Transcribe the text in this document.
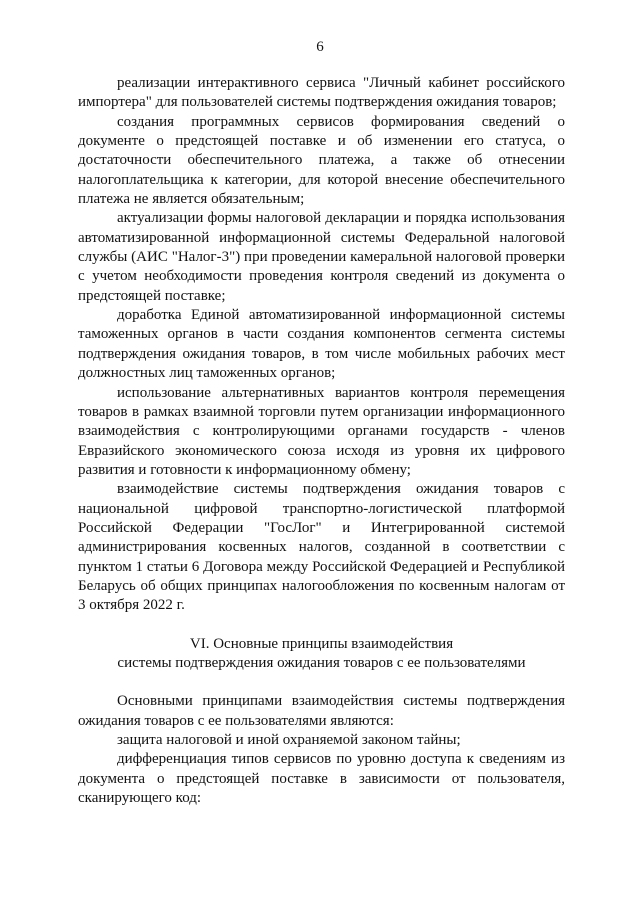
6

реализации интерактивного сервиса "Личный кабинет российского импортера" для пользователей системы подтверждения ожидания товаров;

создания программных сервисов формирования сведений о документе о предстоящей поставке и об изменении его статуса, о достаточности обеспечительного платежа, а также об отнесении налогоплательщика к категории, для которой внесение обеспечительного платежа не является обязательным;

актуализации формы налоговой декларации и порядка использования автоматизированной информационной системы Федеральной налоговой службы (АИС "Налог-3") при проведении камеральной налоговой проверки с учетом необходимости проведения контроля сведений из документа о предстоящей поставке;

доработка Единой автоматизированной информационной системы таможенных органов в части создания компонентов сегмента системы подтверждения ожидания товаров, в том числе мобильных рабочих мест должностных лиц таможенных органов;

использование альтернативных вариантов контроля перемещения товаров в рамках взаимной торговли путем организации информационного взаимодействия с контролирующими органами государств - членов Евразийского экономического союза исходя из уровня их цифрового развития и готовности к информационному обмену;

взаимодействие системы подтверждения ожидания товаров с национальной цифровой транспортно-логистической платформой Российской Федерации "ГосЛог" и Интегрированной системой администрирования косвенных налогов, созданной в соответствии с пунктом 1 статьи 6 Договора между Российской Федерацией и Республикой Беларусь об общих принципах налогообложения по косвенным налогам от 3 октября 2022 г.

VI. Основные принципы взаимодействия

системы подтверждения ожидания товаров с ее пользователями

Основными принципами взаимодействия системы подтверждения ожидания товаров с ее пользователями являются:

защита налоговой и иной охраняемой законом тайны;

дифференциация типов сервисов по уровню доступа к сведениям из документа о предстоящей поставке в зависимости от пользователя, сканирующего код:
